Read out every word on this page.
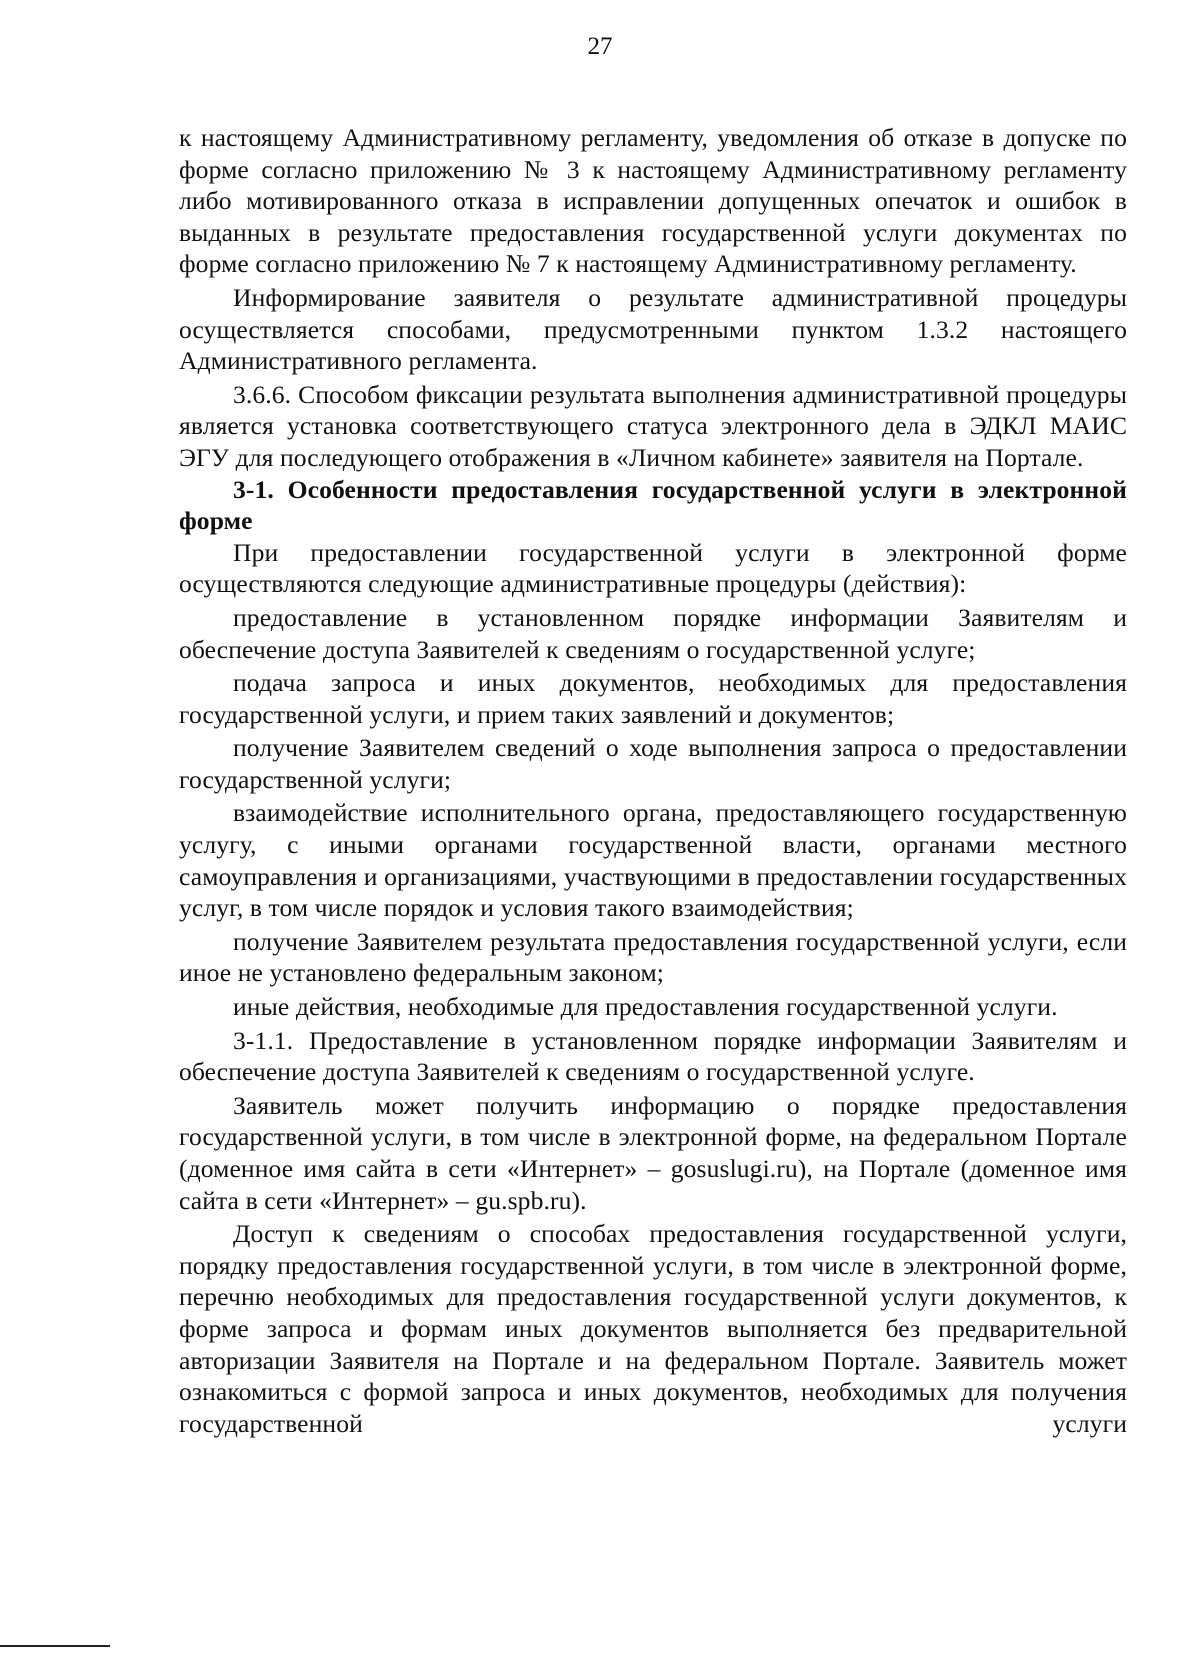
27

к настоящему Административному регламенту, уведомления об отказе в допуске по форме согласно приложению № 3 к настоящему Административному регламенту либо мотивированного отказа в исправлении допущенных опечаток и ошибок в выданных в результате предоставления государственной услуги документах по форме согласно приложению № 7 к настоящему Административному регламенту.

Информирование заявителя о результате административной процедуры осуществляется способами, предусмотренными пунктом 1.3.2 настоящего Административного регламента.

3.6.6. Способом фиксации результата выполнения административной процедуры является установка соответствующего статуса электронного дела в ЭДКЛ МАИС ЭГУ для последующего отображения в «Личном кабинете» заявителя на Портале.

3-1. Особенности предоставления государственной услуги в электронной форме

При предоставлении государственной услуги в электронной форме осуществляются следующие административные процедуры (действия):

предоставление в установленном порядке информации Заявителям и обеспечение доступа Заявителей к сведениям о государственной услуге;

подача запроса и иных документов, необходимых для предоставления государственной услуги, и прием таких заявлений и документов;

получение Заявителем сведений о ходе выполнения запроса о предоставлении государственной услуги;

взаимодействие исполнительного органа, предоставляющего государственную услугу, с иными органами государственной власти, органами местного самоуправления и организациями, участвующими в предоставлении государственных услуг, в том числе порядок и условия такого взаимодействия;

получение Заявителем результата предоставления государственной услуги, если иное не установлено федеральным законом;

иные действия, необходимые для предоставления государственной услуги.

3-1.1. Предоставление в установленном порядке информации Заявителям и обеспечение доступа Заявителей к сведениям о государственной услуге.

Заявитель может получить информацию о порядке предоставления государственной услуги, в том числе в электронной форме, на федеральном Портале (доменное имя сайта в сети «Интернет» – gosuslugi.ru), на Портале (доменное имя сайта в сети «Интернет» – gu.spb.ru).

Доступ к сведениям о способах предоставления государственной услуги, порядку предоставления государственной услуги, в том числе в электронной форме, перечню необходимых для предоставления государственной услуги документов, к форме запроса и формам иных документов выполняется без предварительной авторизации Заявителя на Портале и на федеральном Портале. Заявитель может ознакомиться с формой запроса и иных документов, необходимых для получения государственной услуги
